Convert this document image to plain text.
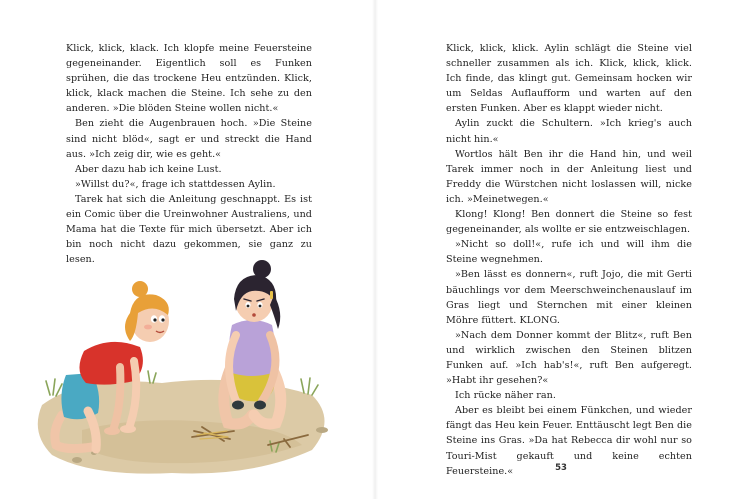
Klick, klick, klack. Ich klopfe meine Feuersteine gegeneinander. Eigentlich soll es Funken sprühen, die das trockene Heu entzünden. Klick, klick, klack machen die Steine. Ich sehe zu den anderen. »Die blöden Steine wollen nicht.«

Ben zieht die Augenbrauen hoch. »Die Steine sind nicht blöd«, sagt er und streckt die Hand aus. »Ich zeig dir, wie es geht.«

Aber dazu hab ich keine Lust.

»Willst du?«, frage ich stattdessen Aylin.

Tarek hat sich die Anleitung geschnappt. Es ist ein Comic über die Ureinwohner Australiens, und Mama hat die Texte für mich übersetzt. Aber ich bin noch nicht dazu gekommen, sie ganz zu lesen.

Klick, klick, klick. Aylin schlägt die Steine viel schneller zusammen als ich. Klick, klick, klick. Ich finde, das klingt gut. Gemeinsam hocken wir um Seldas Auflaufform und warten auf den ersten Funken. Aber es klappt wieder nicht.

Aylin zuckt die Schultern. »Ich krieg's auch nicht hin.«

Wortlos hält Ben ihr die Hand hin, und weil Tarek immer noch in der Anleitung liest und Freddy die Würstchen nicht loslassen will, nicke ich. »Meinetwegen.«

Klong! Klong! Ben donnert die Steine so fest gegeneinander, als wollte er sie entzweischlagen.

»Nicht so doll!«, rufe ich und will ihm die Steine wegnehmen.

»Ben lässt es donnern«, ruft Jojo, die mit Gerti bäuchlings vor dem Meerschweinchenauslauf im Gras liegt und Sternchen mit einer kleinen Möhre füttert. KLONG.

»Nach dem Donner kommt der Blitz«, ruft Ben und wirklich zwischen den Steinen blitzen Funken auf. »Ich hab's!«, ruft Ben aufgeregt. »Habt ihr gesehen?«

Ich rücke näher ran.

Aber es bleibt bei einem Fünkchen, und wieder fängt das Heu kein Feuer. Enttäuscht legt Ben die Steine ins Gras. »Da hat Rebecca dir wohl nur so Touri-Mist gekauft und keine echten Feuersteine.«	53
